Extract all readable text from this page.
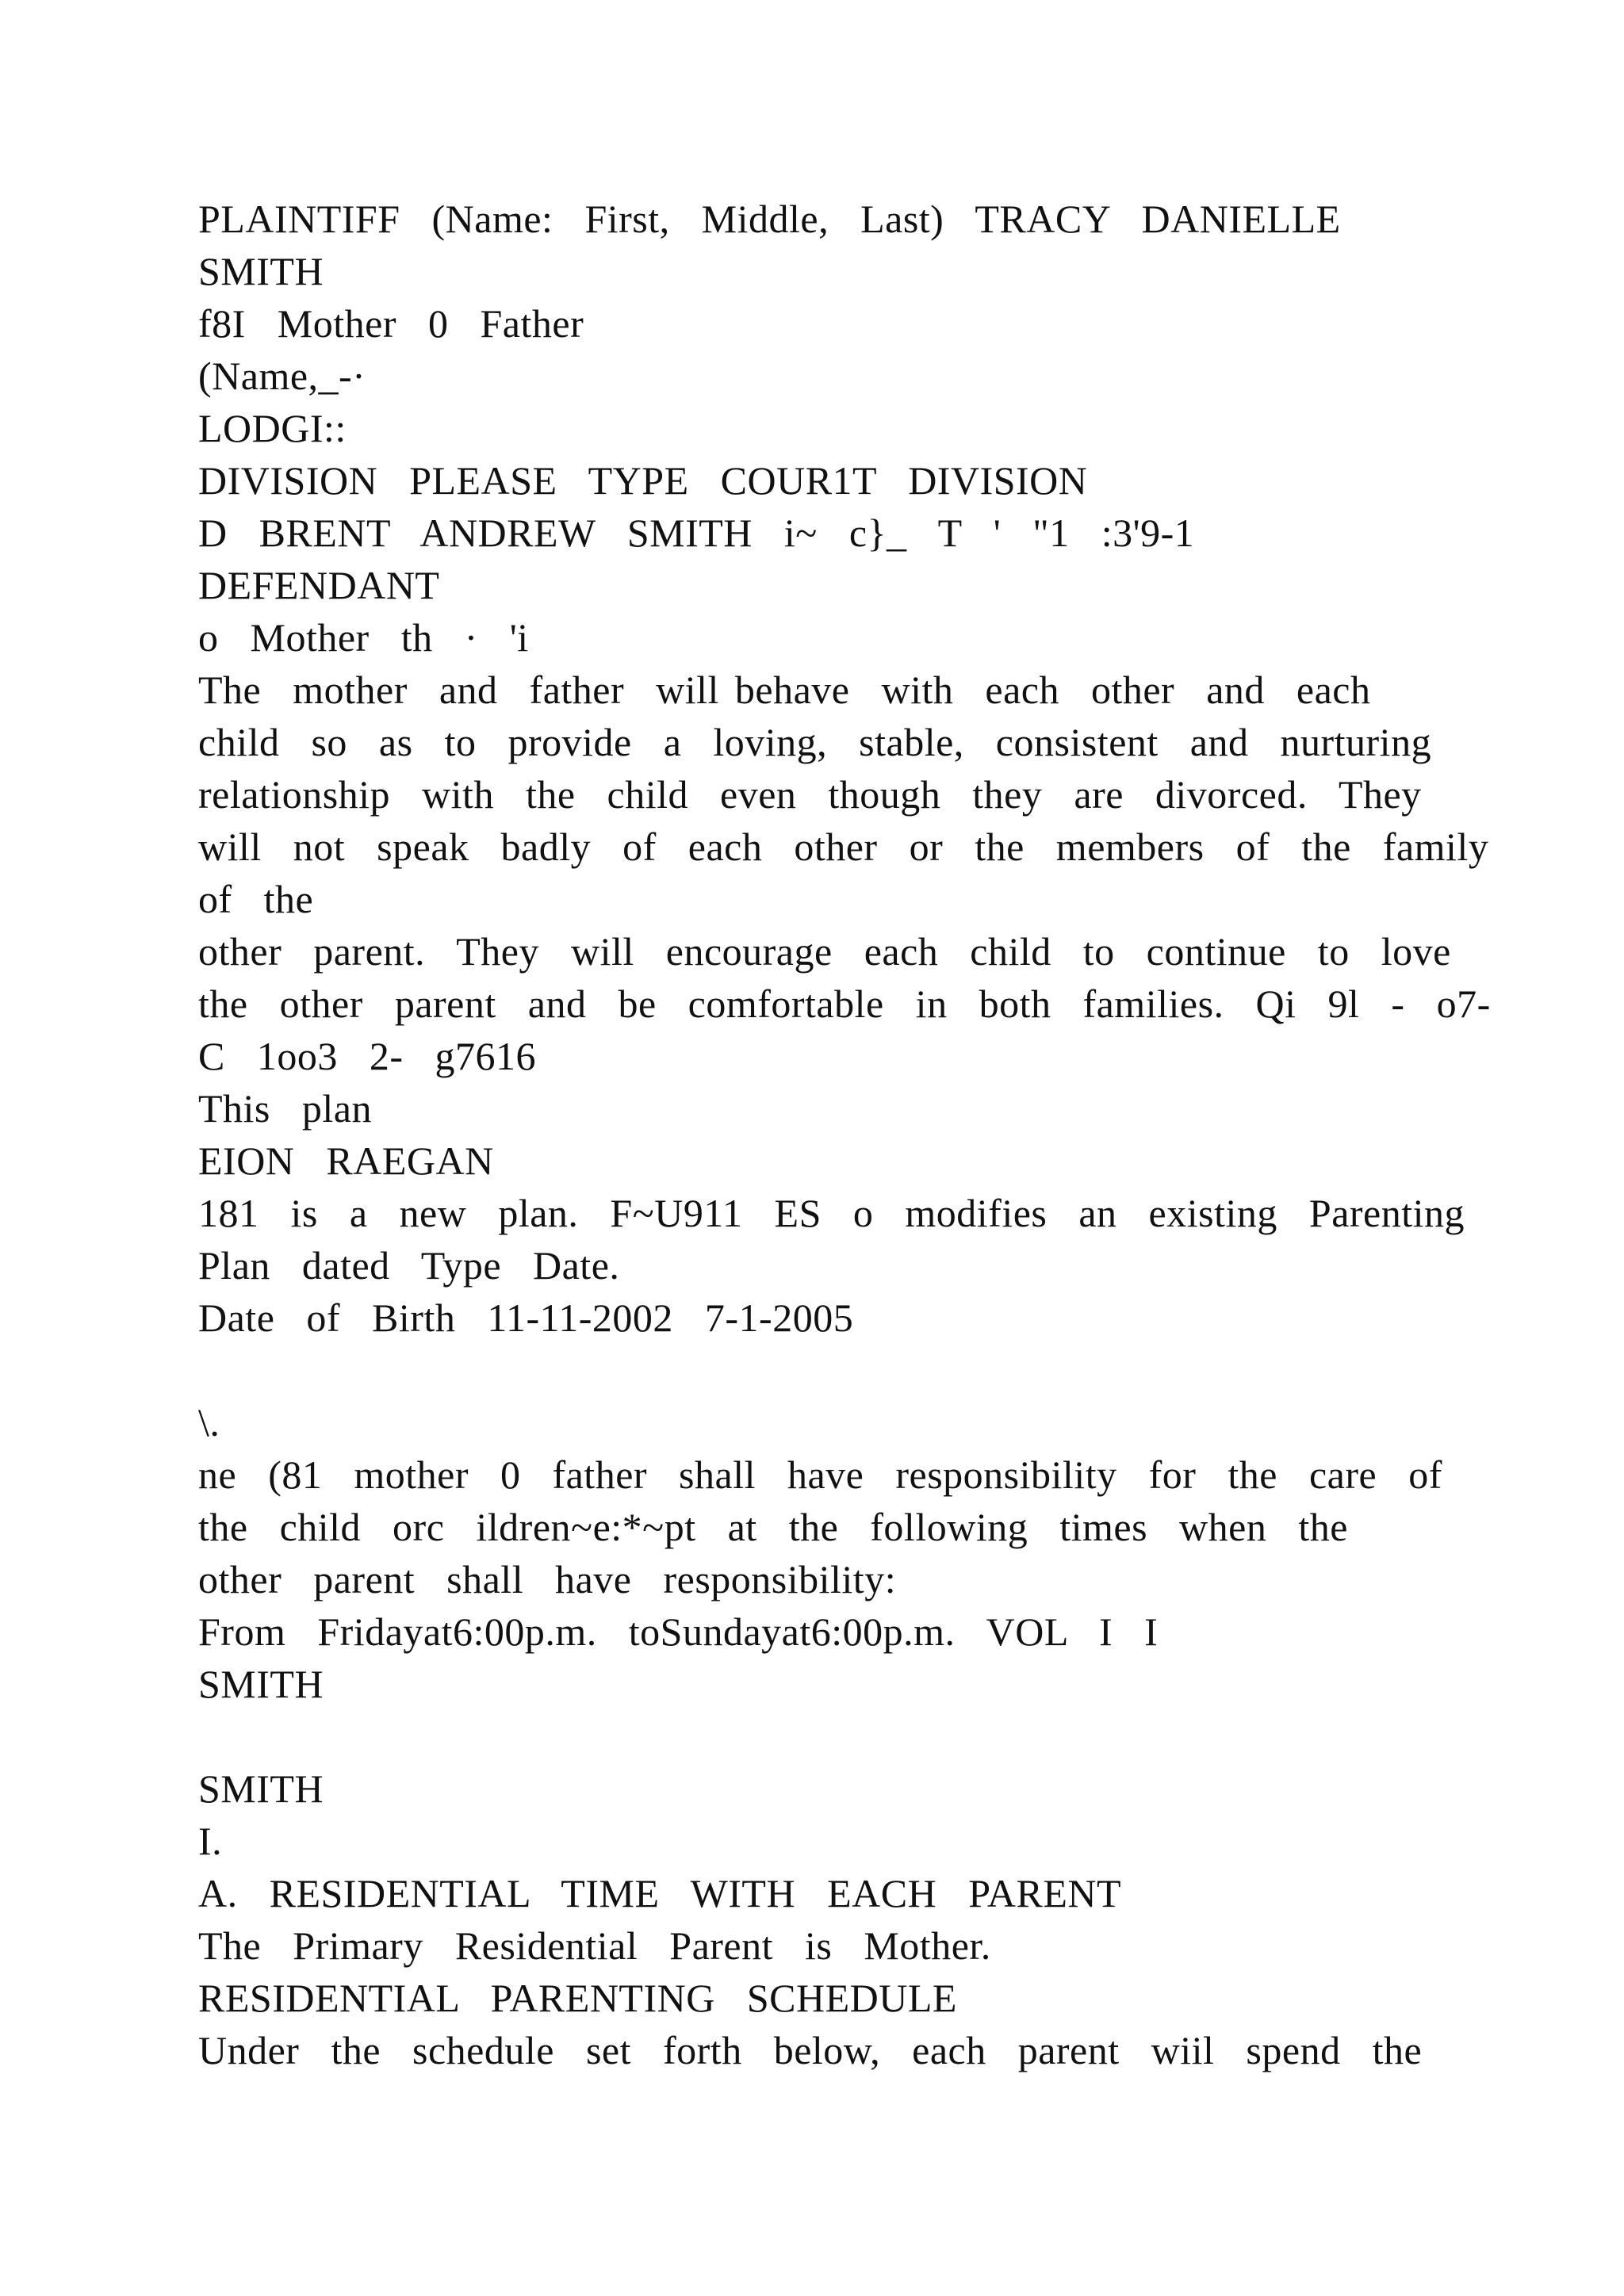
PLAINTIFF  (Name:  First,  Middle,  Last)  TRACY  DANIELLE
SMITH
f8I  Mother  0  Father
(Name,_-·
LODGI::
DIVISION  PLEASE  TYPE  COUR1T  DIVISION
D  BRENT  ANDREW  SMITH  i~  c}_  T  '  "1  :3'9-1
DEFENDANT
o  Mother  th  ·  'i
The  mother  and  father  will behave  with  each  other  and  each
child  so  as  to  provide  a  loving,  stable,  consistent  and  nurturing
relationship  with  the  child  even  though  they  are  divorced.  They
will  not  speak  badly  of  each  other  or  the  members  of  the  family
of  the
other  parent.  They  will  encourage  each  child  to  continue  to  love
the  other  parent  and  be  comfortable  in  both  families.  Qi  9l  -  o7-
C  1oo3  2-  g7616
This  plan
EION  RAEGAN
181  is  a  new  plan.  F~U911  ES  o  modifies  an  existing  Parenting
Plan  dated  Type  Date.
Date  of  Birth  11-11-2002  7-1-2005
\.
ne  (81  mother  0  father  shall  have  responsibility  for  the  care  of
the  child  orc  ildren~e:*~pt  at  the  following  times  when  the
other  parent  shall  have  responsibility:
From  Fridayat6:00p.m.  toSundayat6:00p.m.  VOL  I  I
SMITH
SMITH
I.
A.  RESIDENTIAL  TIME  WITH  EACH  PARENT
The  Primary  Residential  Parent  is  Mother.
RESIDENTIAL  PARENTING  SCHEDULE
Under  the  schedule  set  forth  below,  each  parent  wiil  spend  the
